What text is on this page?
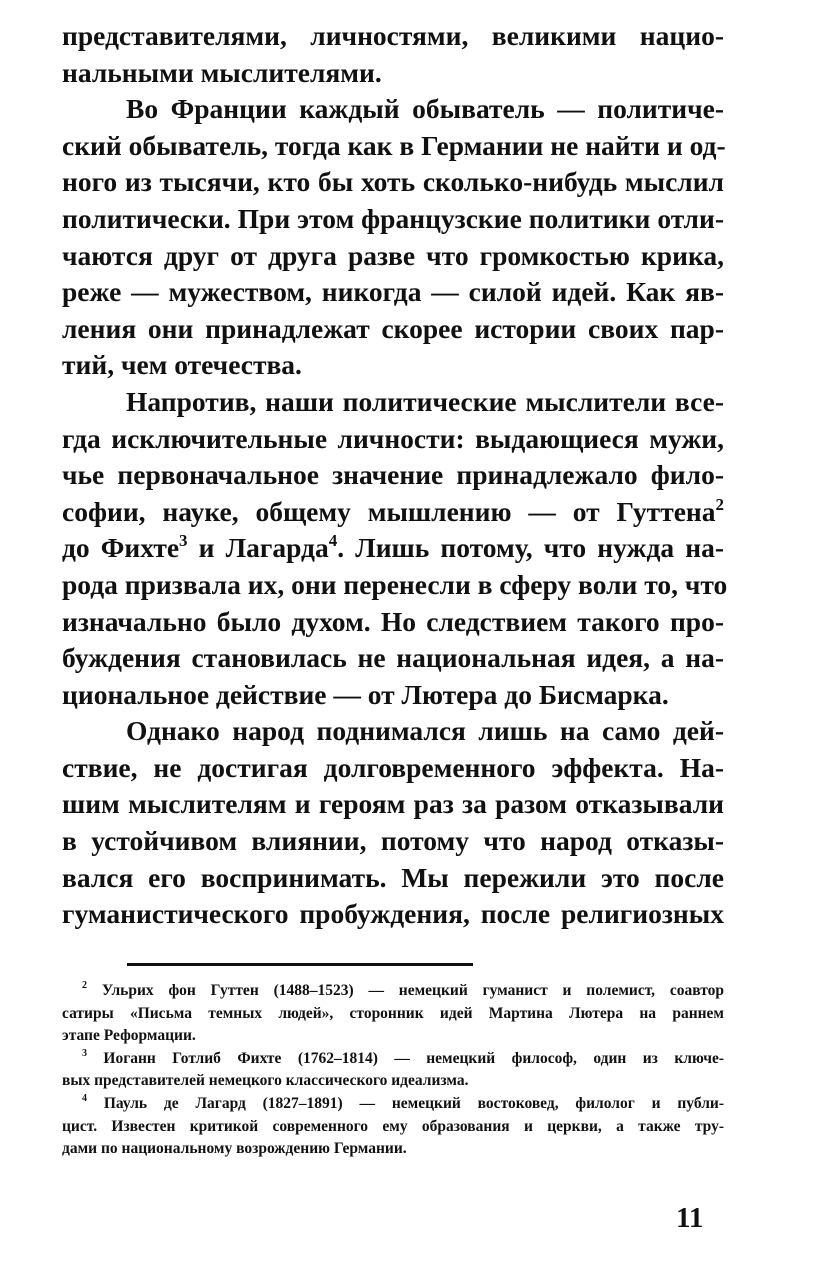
представителями, личностями, великими нацио-
нальными мыслителями.
Во Франции каждый обыватель — политиче-
ский обыватель, тогда как в Германии не найти и од-
ного из тысячи, кто бы хоть сколько-нибудь мыслил
политически. При этом французские политики отли-
чаются друг от друга разве что громкостью крика,
реже — мужеством, никогда — силой идей. Как яв-
ления они принадлежат скорее истории своих пар-
тий, чем отечества.
Напротив, наши политические мыслители все-
гда исключительные личности: выдающиеся мужи,
чье первоначальное значение принадлежало фило-
софии, науке, общему мышлению — от Гуттена$^2$
до Фихте$^3$ и Лагарда$^4$. Лишь потому, что нужда на-
рода призвала их, они перенесли в сферу воли то, что
изначально было духом. Но следствием такого про-
буждения становилась не национальная идея, а на-
циональное действие — от Лютера до Бисмарка.
Однако народ поднимался лишь на само дей-
ствие, не достигая долговременного эффекта. На-
шим мыслителям и героям раз за разом отказывали
в устойчивом влиянии, потому что народ отказы-
вался его воспринимать. Мы пережили это после
гуманистического пробуждения, после религиозных
$^2$ Ульрих фон Гуттен (1488–1523) — немецкий гуманист и полемист, соавтор
сатиры «Письма темных людей», сторонник идей Мартина Лютера на раннем
этапе Реформации.
$^3$ Иоганн Готлиб Фихте (1762–1814) — немецкий философ, один из ключе-
вых представителей немецкого классического идеализма.
$^4$ Пауль де Лагард (1827–1891) — немецкий востоковед, филолог и публи-
цист. Известен критикой современного ему образования и церкви, а также тру-
дами по национальному возрождению Германии.
11
